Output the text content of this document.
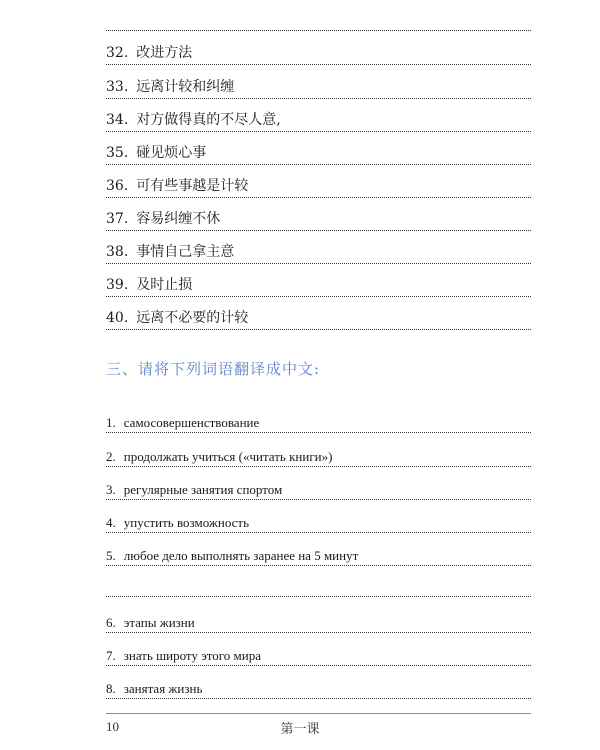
32. 改进方法
33. 远离计较和纠缠
34. 对方做得真的不尽人意,
35. 碰见烦心事
36. 可有些事越是计较
37. 容易纠缠不休
38. 事情自己拿主意
39. 及时止损
40. 远离不必要的计较
三、请将下列词语翻译成中文:
1. самосовершенствование
2. продолжать учиться («читать книги»)
3. регулярные занятия спортом
4. упустить возможность
5. любое дело выполнять заранее на 5 минут
6. этапы жизни
7. знать широту этого мира
8. занятая жизнь
10	第一课
